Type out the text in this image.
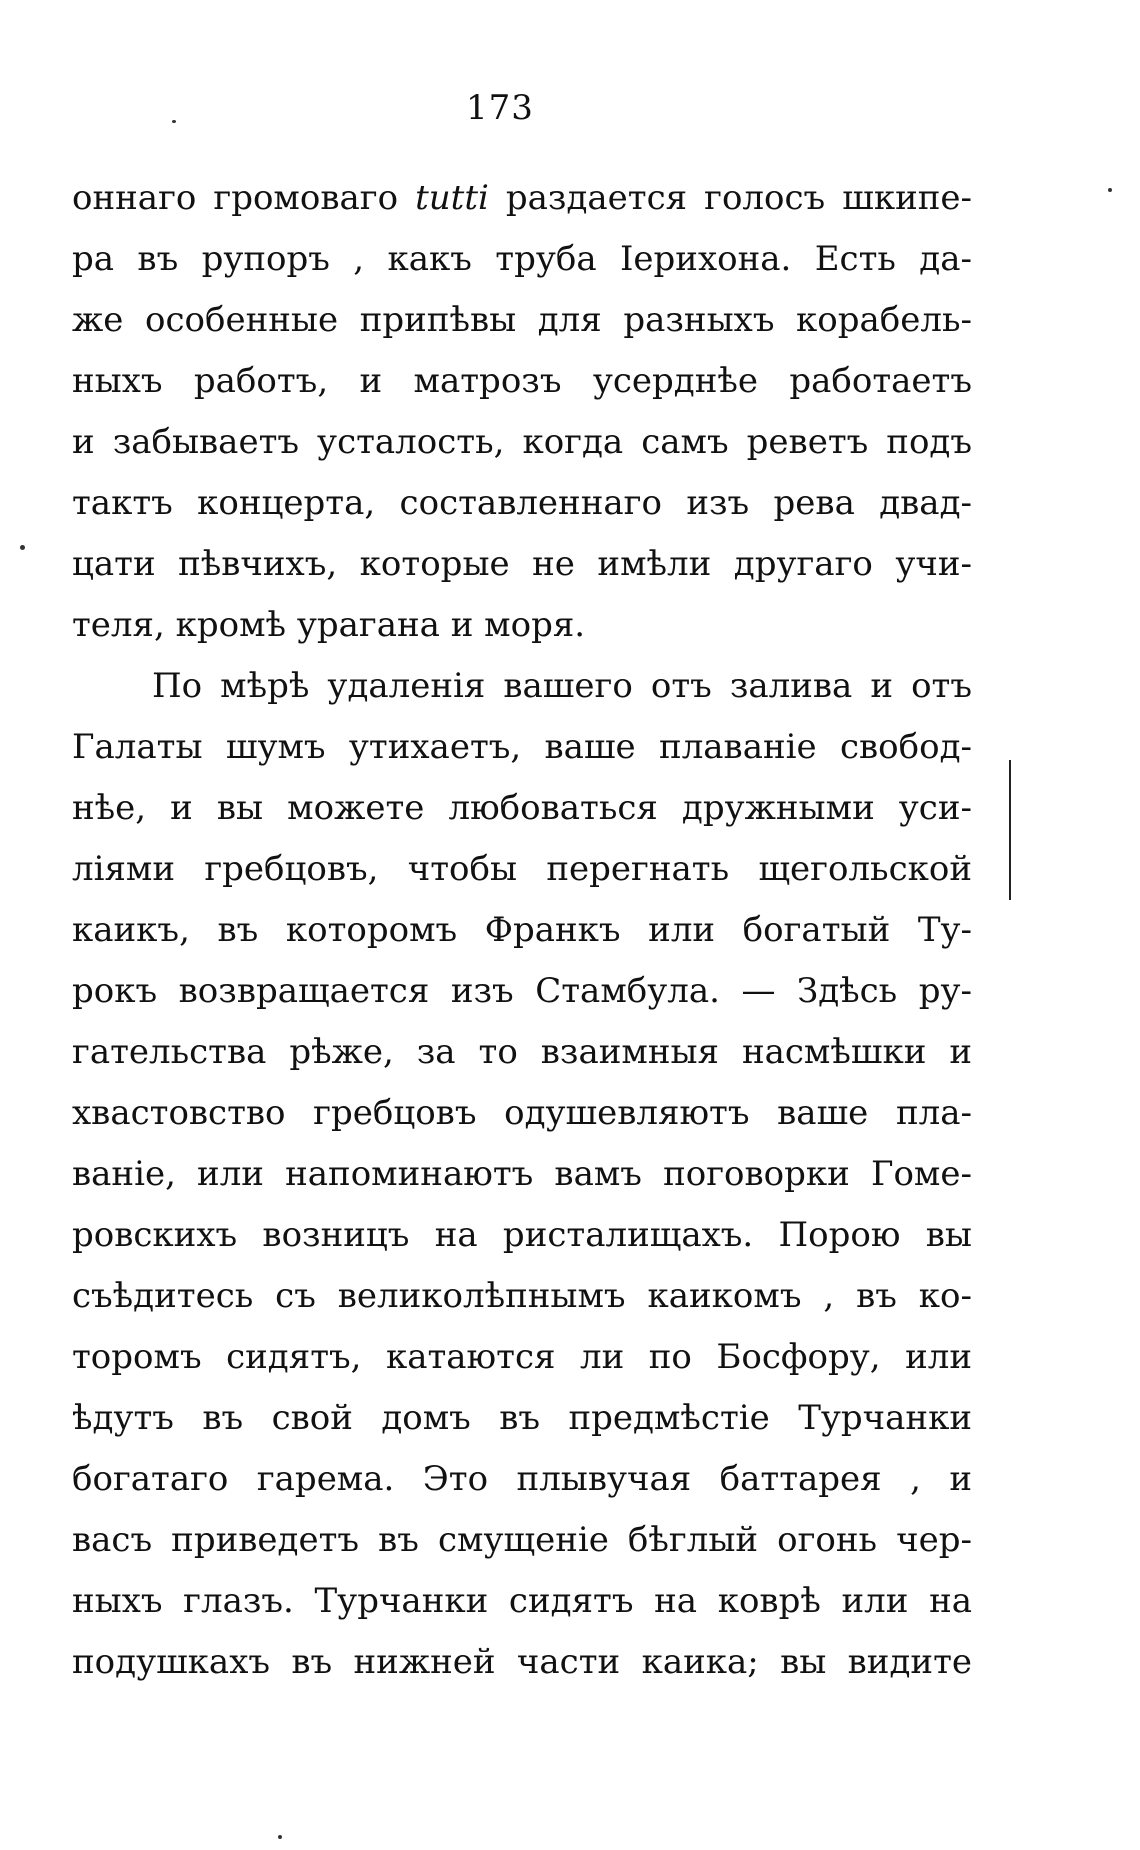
173
оннаго громоваго tutti раздается голосъ шкипе-
ра въ рупоръ , какъ труба Іерихона. Есть да-
же особенные припѣвы для разныхъ корабель-
ныхъ работъ, и матрозъ усерднѣе работаетъ
и забываетъ усталость, когда самъ реветъ подъ
тактъ концерта, составленнаго изъ рева двад-
цати пѣвчихъ, которые не имѣли другаго учи-
теля, кромѣ урагана и моря.
По мѣрѣ удаленія вашего отъ залива и отъ
Галаты шумъ утихаетъ, ваше плаваніе свобод-
нѣе, и вы можете любоваться дружными уси-
ліями гребцовъ, чтобы перегнать щегольской
каикъ, въ которомъ Франкъ или богатый Ту-
рокъ возвращается изъ Стамбула. — Здѣсь ру-
гательства рѣже, за то взаимныя насмѣшки и
хвастовство гребцовъ одушевляютъ ваше пла-
ваніе, или напоминаютъ вамъ поговорки Гоме-
ровскихъ возницъ на ристалищахъ. Порою вы
съѣдитесь съ великолѣпнымъ каикомъ , въ ко-
торомъ сидятъ, катаются ли по Босфору, или
ѣдутъ въ свой домъ въ предмѣстіе Турчанки
богатаго гарема. Это плывучая баттарея , и
васъ приведетъ въ смущеніе бѣглый огонь чер-
ныхъ глазъ. Турчанки сидятъ на коврѣ или на
подушкахъ въ нижней части каика; вы видите
